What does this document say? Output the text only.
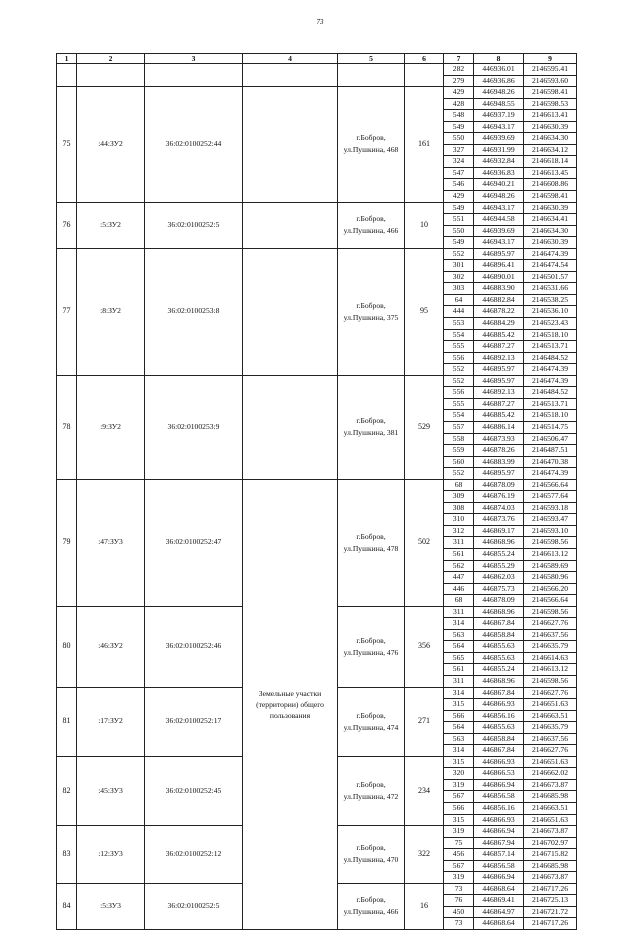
73
1	2	3	4	5	6	7	8	9
						282	446936.01	2146595.41
						279	446936.86	2146593.60
75	:44:ЗУ2	36:02:0100252:44		г.Бобров, ул.Пушкина, 468	161	429	446948.26	2146598.41
						428	446948.55	2146598.53
						548	446937.19	2146613.41
						549	446943.17	2146630.39
						550	446939.69	2146634.30
						327	446931.99	2146634.12
						324	446932.84	2146618.14
						547	446936.83	2146613.45
						546	446940.21	2146608.86
						429	446948.26	2146598.41
76	:5:ЗУ2	36:02:0100252:5		г.Бобров, ул.Пушкина, 466	10	549	446943.17	2146630.39
						551	446944.58	2146634.41
						550	446939.69	2146634.30
						549	446943.17	2146630.39
77	:8:ЗУ2	36:02:0100253:8		г.Бобров, ул.Пушкина, 375	95	552	446895.97	2146474.39
						301	446896.41	2146474.54
						302	446890.01	2146501.57
						303	446883.90	2146531.66
						64	446882.84	2146538.25
						444	446878.22	2146536.10
						553	446884.29	2146523.43
						554	446885.42	2146518.10
						555	446887.27	2146513.71
						556	446892.13	2146484.52
						552	446895.97	2146474.39
78	:9:ЗУ2	36:02:0100253:9		г.Бобров, ул.Пушкина, 381	529	552	446895.97	2146474.39
						556	446892.13	2146484.52
						555	446887.27	2146513.71
						554	446885.42	2146518.10
						557	446886.14	2146514.75
						558	446873.93	2146506.47
						559	446878.26	2146487.51
						560	446883.99	2146470.38
						552	446895.97	2146474.39
79	:47:ЗУ3	36:02:0100252:47	Земельные участки (территории) общего пользования	г.Бобров, ул.Пушкина, 478	502	68	446878.09	2146566.64
						309	446876.19	2146577.64
						308	446874.03	2146593.18
						310	446873.76	2146593.47
						312	446869.17	2146593.10
						311	446868.96	2146598.56
						561	446855.24	2146613.12
						562	446855.29	2146589.69
						447	446862.03	2146580.96
						446	446875.73	2146566.20
						68	446878.09	2146566.64
80	:46:ЗУ2	36:02:0100252:46		г.Бобров, ул.Пушкина, 476	356	311	446868.96	2146598.56
						314	446867.84	2146627.76
						563	446858.84	2146637.56
						564	446855.63	2146635.79
						565	446855.63	2146614.63
						561	446855.24	2146613.12
						311	446868.96	2146598.56
81	:17:ЗУ2	36:02:0100252:17		г.Бобров, ул.Пушкина, 474	271	314	446867.84	2146627.76
						315	446866.93	2146651.63
						566	446856.16	2146663.51
						564	446855.63	2146635.79
						563	446858.84	2146637.56
						314	446867.84	2146627.76
82	:45:ЗУ3	36:02:0100252:45		г.Бобров, ул.Пушкина, 472	234	315	446866.93	2146651.63
						320	446866.53	2146662.02
						319	446866.94	2146673.87
						567	446856.58	2146685.98
						566	446856.16	2146663.51
						315	446866.93	2146651.63
83	:12:ЗУ3	36:02:0100252:12		г.Бобров, ул.Пушкина, 470	322	319	446866.94	2146673.87
						75	446867.94	2146702.97
						456	446857.14	2146715.82
						567	446856.58	2146685.98
						319	446866.94	2146673.87
84	:5:ЗУ3	36:02:0100252:5		г.Бобров, ул.Пушкина, 466	16	73	446868.64	2146717.26
						76	446869.41	2146725.13
						450	446864.97	2146721.72
						73	446868.64	2146717.26
